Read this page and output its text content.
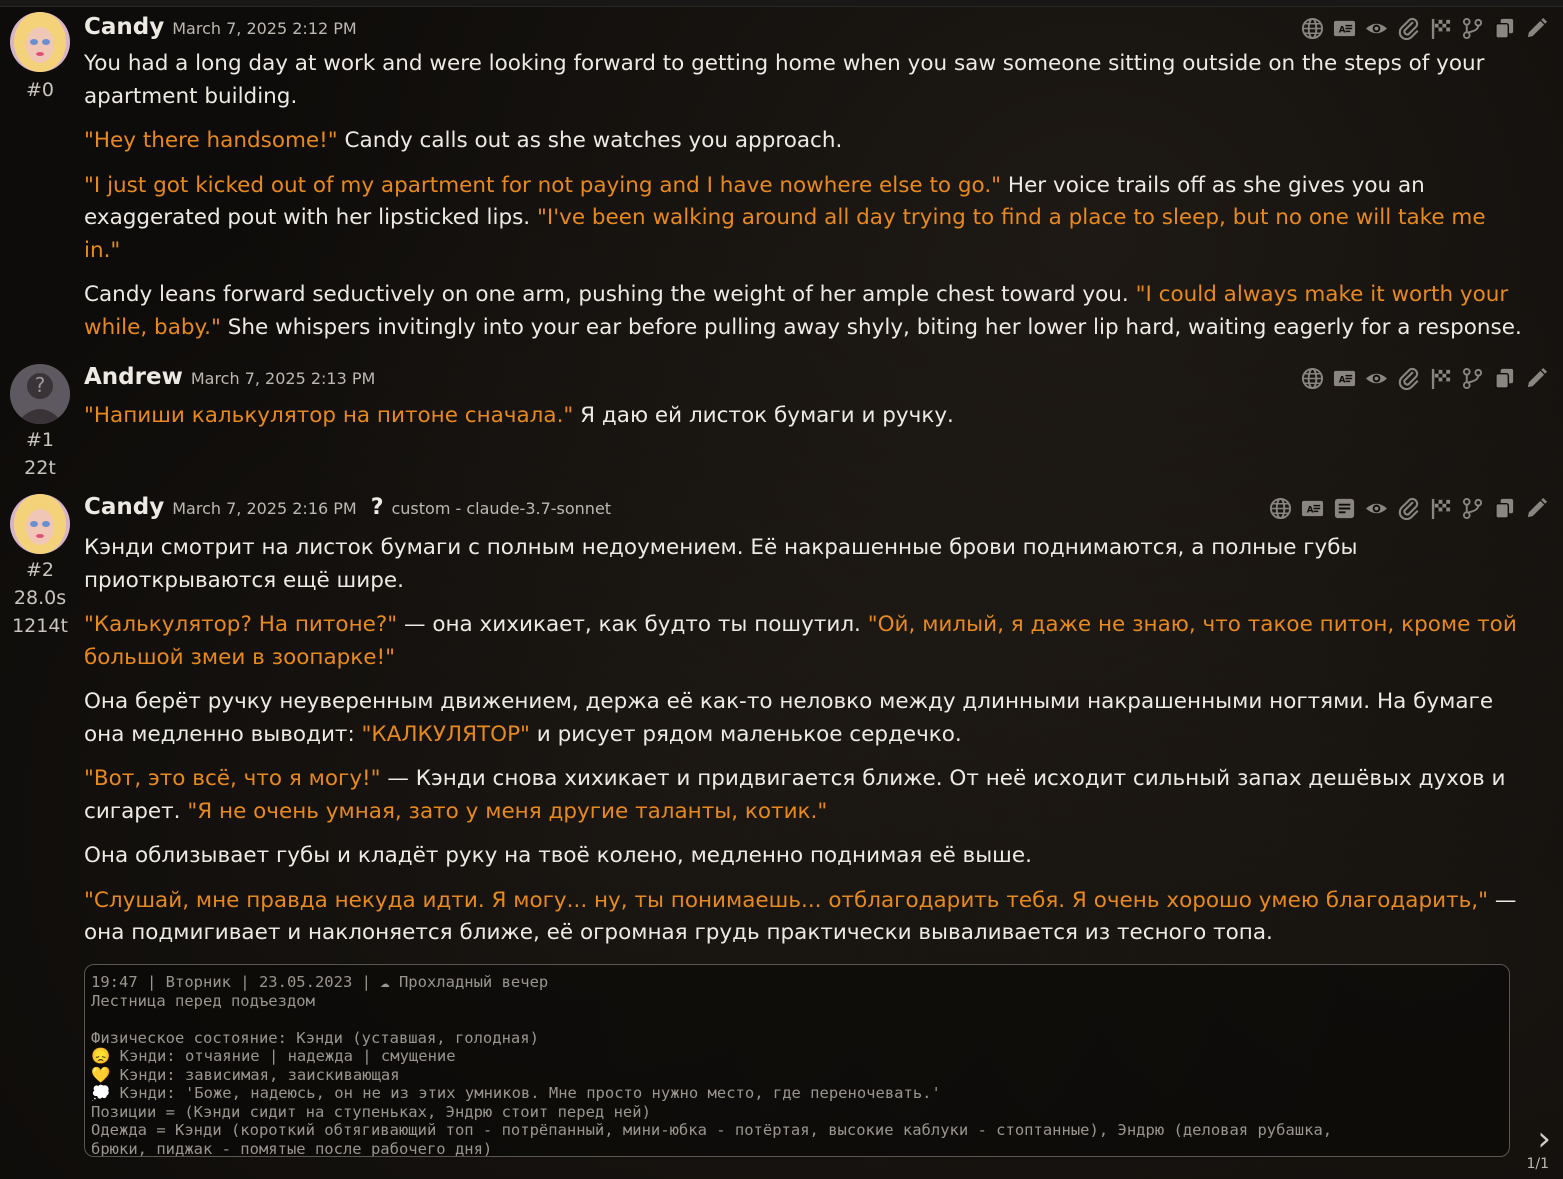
#0
Candy March 7, 2025 2:12 PM	A

You had a long day at work and were looking forward to getting home when you saw someone sitting outside on the steps of your apartment building.

"Hey there handsome!" Candy calls out as she watches you approach.

"I just got kicked out of my apartment for not paying and I have nowhere else to go." Her voice trails off as she gives you an exaggerated pout with her lipsticked lips. "I've been walking around all day trying to find a place to sleep, but no one will take me in."

Candy leans forward seductively on one arm, pushing the weight of her ample chest toward you. "I could always make it worth your while, baby." She whispers invitingly into your ear before pulling away shyly, biting her lower lip hard, waiting eagerly for a response.

?
#1
22t
Andrew March 7, 2025 2:13 PM	A

"Напиши калькулятор на питоне сначала." Я даю ей листок бумаги и ручку.

#2
28.0s
1214t
Candy March 7, 2025 2:16 PM ? custom - claude-3.7-sonnet	A

Кэнди смотрит на листок бумаги с полным недоумением. Её накрашенные брови поднимаются, а полные губы приоткрываются ещё шире.

"Калькулятор? На питоне?" — она хихикает, как будто ты пошутил. "Ой, милый, я даже не знаю, что такое питон, кроме той большой змеи в зоопарке!"

Она берёт ручку неуверенным движением, держа её как-то неловко между длинными накрашенными ногтями. На бумаге она медленно выводит: "КАЛКУЛЯТОР" и рисует рядом маленькое сердечко.

"Вот, это всё, что я могу!" — Кэнди снова хихикает и придвигается ближе. От неё исходит сильный запах дешёвых духов и сигарет. "Я не очень умная, зато у меня другие таланты, котик."

Она облизывает губы и кладёт руку на твоё колено, медленно поднимая её выше.

"Слушай, мне правда некуда идти. Я могу... ну, ты понимаешь... отблагодарить тебя. Я очень хорошо умею благодарить," — она подмигивает и наклоняется ближе, её огромная грудь практически вываливается из тесного топа.

19:47 | Вторник | 23.05.2023 | ☁ Прохладный вечер
Лестница перед подъездом

Физическое состояние: Кэнди (уставшая, голодная)
😞 Кэнди: отчаяние | надежда | смущение
💛 Кэнди: зависимая, заискивающая
💭 Кэнди: 'Боже, надеюсь, он не из этих умников. Мне просто нужно место, где переночевать.'
Позиции = (Кэнди сидит на ступеньках, Эндрю стоит перед ней)
Одежда = Кэнди (короткий обтягивающий топ - потрёпанный, мини-юбка - потёртая, высокие каблуки - стоптанные), Эндрю (деловая рубашка,
брюки, пиджак - помятые после рабочего дня)	›
1/1
